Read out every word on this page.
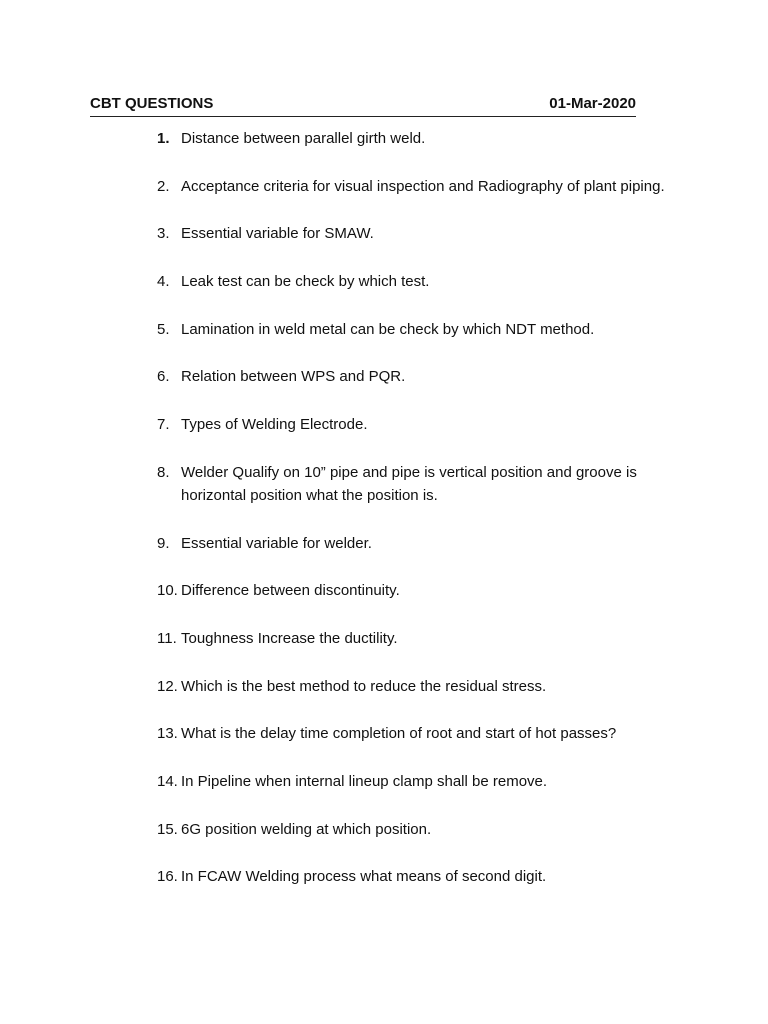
CBT QUESTIONS	01-Mar-2020
1. Distance between parallel girth weld.
2. Acceptance criteria for visual inspection and Radiography of plant piping.
3. Essential variable for SMAW.
4. Leak test can be check by which test.
5. Lamination in weld metal can be check by which NDT method.
6. Relation between WPS and PQR.
7. Types of Welding Electrode.
8. Welder Qualify on 10” pipe and pipe is vertical position and groove is horizontal position what the position is.
9. Essential variable for welder.
10. Difference between discontinuity.
11. Toughness Increase the ductility.
12. Which is the best method to reduce the residual stress.
13. What is the delay time completion of root and start of hot passes?
14. In Pipeline when internal lineup clamp shall be remove.
15. 6G position welding at which position.
16. In FCAW Welding process what means of second digit.
